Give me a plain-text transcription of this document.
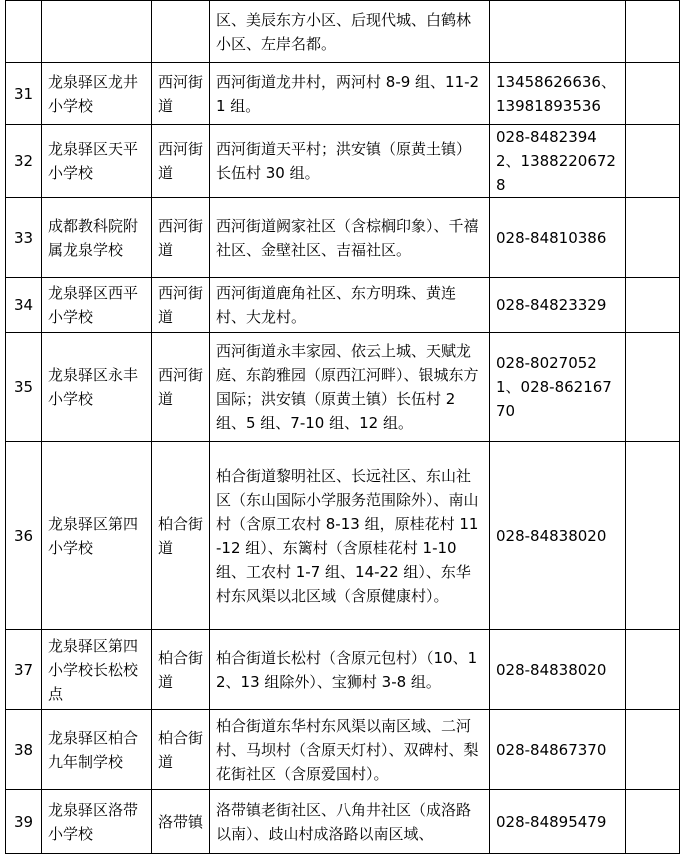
			区、美辰东方小区、后现代城、白鹤林小区、左岸名都。		
31	龙泉驿区龙井小学校	西河街道	西河街道龙井村，两河村 8-9 组、11-21 组。	13458626636、13981893536	
32	龙泉驿区天平小学校	西河街道	西河街道天平村；洪安镇（原黄土镇）长伍村 30 组。	028-84823942、13882206728	
33	成都教科院附属龙泉学校	西河街道	西河街道阙家社区（含棕榈印象）、千禧社区、金壁社区、吉福社区。	028-84810386	
34	龙泉驿区西平小学校	西河街道	西河街道鹿角社区、东方明珠、黄连村、大龙村。	028-84823329	
35	龙泉驿区永丰小学校	西河街道	西河街道永丰家园、依云上城、天赋龙庭、东韵雅园（原西江河畔）、银城东方国际；洪安镇（原黄土镇）长伍村 2 组、5 组、7-10 组、12 组。	028-80270521、028-86216770	
36	龙泉驿区第四小学校	柏合街道	柏合街道黎明社区、长远社区、东山社区（东山国际小学服务范围除外）、南山村（含原工农村 8-13 组，原桂花村 11-12 组）、东篱村（含原桂花村 1-10 组、工农村 1-7 组、14-22 组）、东华村东风渠以北区域（含原健康村）。	028-84838020	
37	龙泉驿区第四小学校长松校点	柏合街道	柏合街道长松村（含原元包村）（10、12、13 组除外）、宝狮村 3-8 组。	028-84838020	
38	龙泉驿区柏合九年制学校	柏合街道	柏合街道东华村东风渠以南区域、二河村、马坝村（含原天灯村）、双碑村、梨花街社区（含原爱国村）。	028-84867370	
39	龙泉驿区洛带小学校	洛带镇	洛带镇老街社区、八角井社区（成洛路以南）、歧山村成洛路以南区域、	028-84895479	
